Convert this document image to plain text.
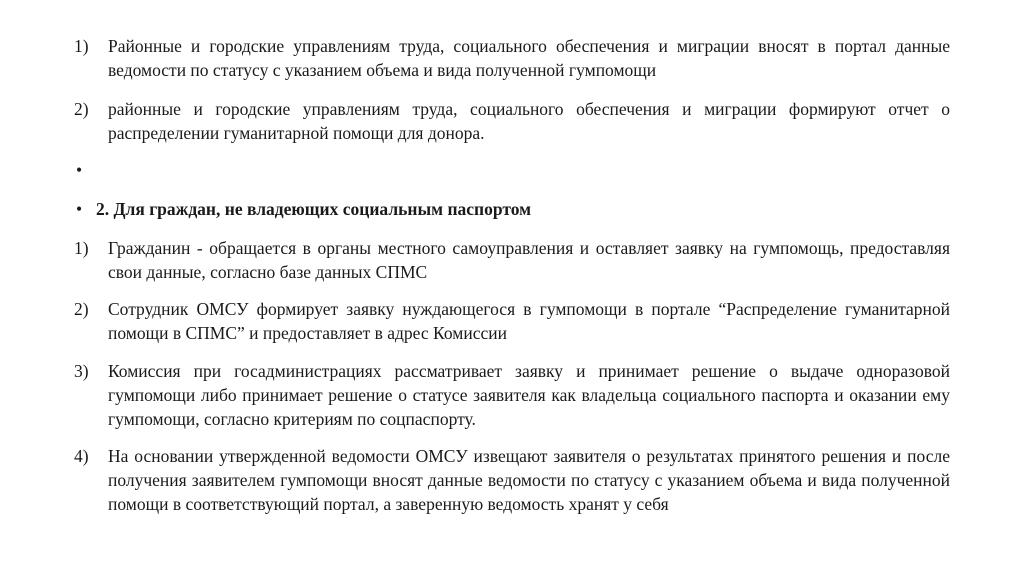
1)	Районные и городские управлениям труда, социального обеспечения и миграции вносят в портал данные ведомости по статусу с указанием объема и вида полученной гумпомощи
2)	районные и городские управлениям труда, социального обеспечения и миграции формируют отчет о распределении гуманитарной помощи для донора.
•
• 2. Для граждан, не владеющих социальным паспортом
1)	Гражданин - обращается в органы местного самоуправления и оставляет заявку на гумпомощь, предоставляя свои данные, согласно базе данных СПМС
2)	Сотрудник ОМСУ формирует заявку нуждающегося в гумпомощи в портале “Распределение гуманитарной помощи в СПМС” и предоставляет в адрес Комиссии
3)	Комиссия при госадминистрациях рассматривает заявку и принимает решение о выдаче одноразовой гумпомощи либо принимает решение о статусе заявителя как владельца социального паспорта и оказании ему гумпомощи, согласно критериям по соцпаспорту.
4)	На основании утвержденной ведомости ОМСУ извещают заявителя о результатах принятого решения и после получения заявителем гумпомощи вносят данные ведомости по статусу с указанием объема и вида полученной помощи в соответствующий портал, а заверенную ведомость хранят у себя
